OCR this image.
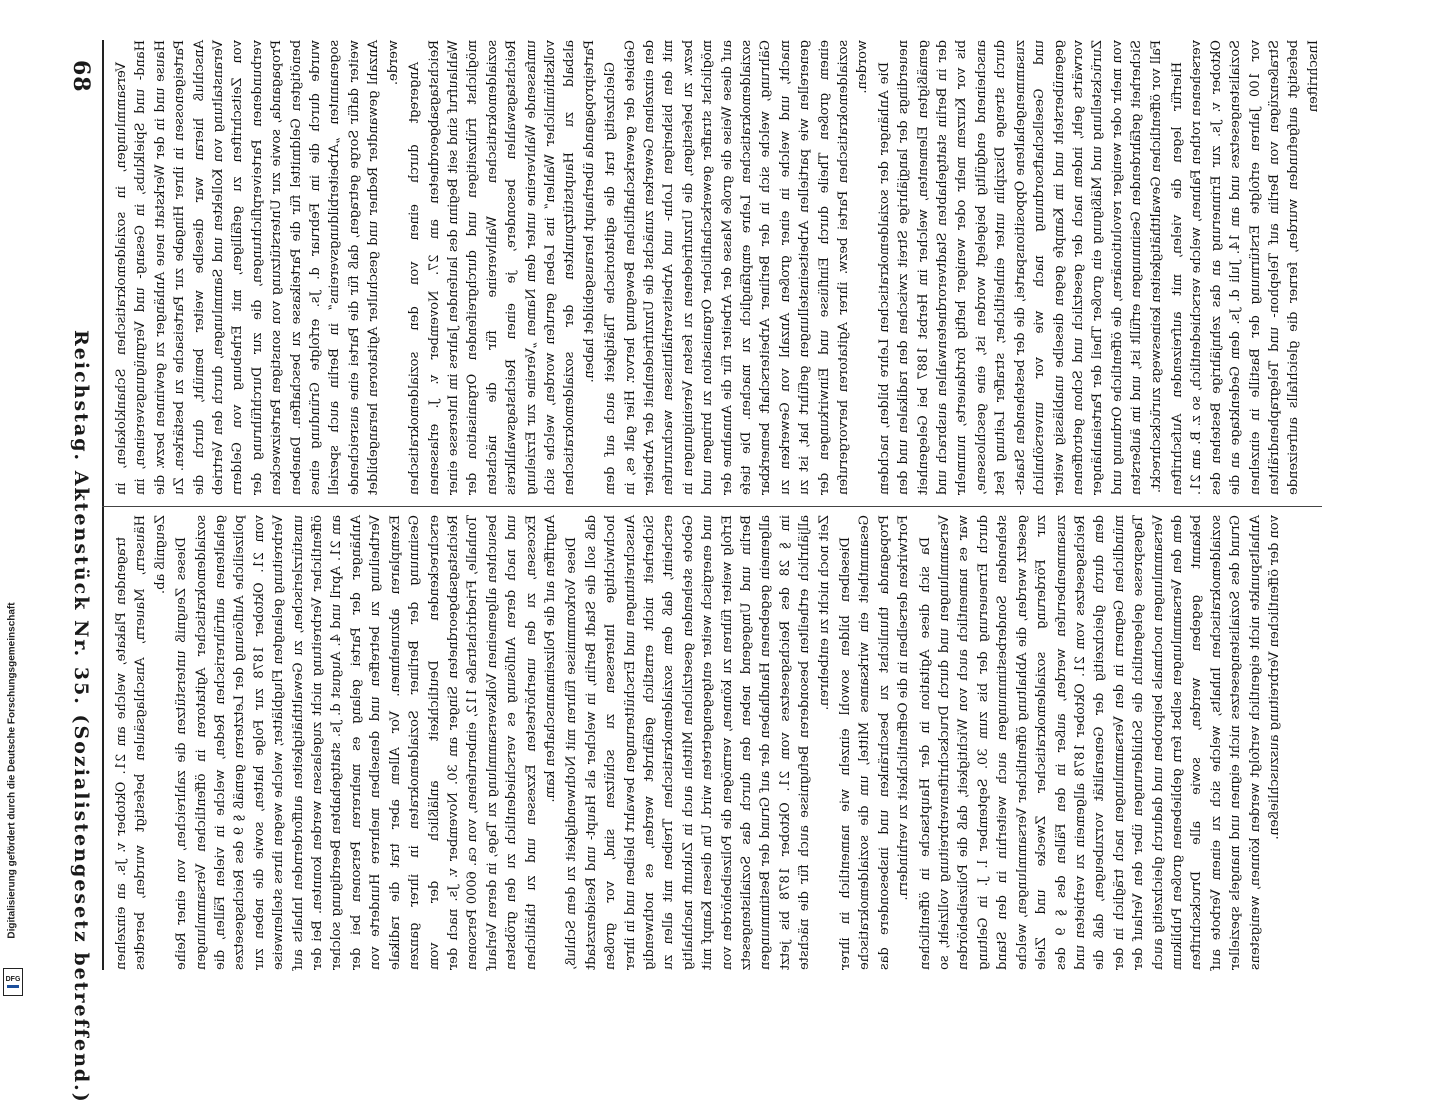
68
Reichstag. Aktenstück Nr. 35. (Sozialistengesetz betreffend.)

Versammlungen, in sozialdemokratischen Schanklokalen, in Hand- und Spielklubs, in Gesang- und Vergnügungsvereinen, im Hause und in der Werkstatt neue Anhänger zu gewinnen bezw. die Parteigenossen in ihrer Hingabe zur Parteisache zu bestärken. Zu Anschluß hieran war dieselbe weiter bemüht, durch die Veranstaltung von Kollekten und Sammlungen, durch den Vertrieb von Zeitschriften zu gefälligen, mit Erhebung von Geldern verbundenen Parteiverpflichtungen, die zur Durchführung der Propaganda, sowie zur Unterstützung von sonstigen Parteizwecken benötigten Geldmittel für die Parteikasse zu beschaffen. Daneben wurde durch die im Februar d. Js. erfolgte Gründung eines sogenannten „Arbeiterbildungsvereins“ in Berlin auch speziell weiter dafür Sorge getragen, daß für die Partei eine ausreichende Anzahl gewandter Redner und geschulter Agitatoren herangebildet werde. Angeregt durch einen von den sozialdemokratischen Reichstagsabgeordneten am 27. November v. J. erlassenen Wahlaufruf sind seit Beginn des laufenden Jahres im Interesse einer möglichst frühzeitigen und durchgreifenden Organisation der sozialdemokratischen Wahlvereine für die nächsten Reichstagswahlen besondere, je einen Reichstagswahlkreis umfassende Wahlvereine unter dem Namen „Vereine zur Erzielung volksthümlicher Wahlen“ ins Leben gerufen worden, welche sich alsbald zu Hauptstützpunkten der sozialdemokratischen Parteipropaganda überhaupt herausgebildet haben. Gleichzeitig trat die agitatorische Thätigkeit auch auf dem Gebiete der gewerkschaftlichen Bewegung hervor. Hier galt es, in den einzelnen Gewerken zunächst die Unzufriedenheit der Arbeiter mit den bisherigen Lohn- und Arbeitsverhältnissen wachzurufen bezw. zu befestigen, die Unzufriedenen zu festen Vereinigungen in möglichst straffer gewerkschaftlicher Organisation zu bringen und auf diese Weise die große Masse der Arbeiter für die Annahme der sozialdemokratischen Lehre empfänglich zu machen. Die tiefe Gährung, welche sich in der Berliner Arbeiterschaft bemerkbar macht, und welche in einer großen Anzahl von Gewerken zu generellen wie partiellen Arbeitseinstellungen geführt hat, ist zu einem großen Theile durch Einflüsse und Einwirkungen der sozialdemokratischen Partei bezw. ihrer Agitatoren hervorgerufen worden. Die Anhänger der sozialdemokratischen Lehre bilden, nachdem neuerdings der langjährige Streit zwischen den radikalen und den gemäßigten Elementen, welcher im Herbst 1887 bei Gelegenheit der in Berlin stattgehabten Stadtverordnetenwahlen ausbrach und bis vor Kurzem mehr oder weniger heftig fortdauerte, nunmehr anscheinend endgültig beigelegt worden ist, eine geschlossene, durch strenge Disziplin unter einheitlicher, straffer Leitung fest zusammengehaltene Oppositionspartei, die der bestehenden Staats- und Gesellschaftsordnung nach wie vor unversöhnlich gegenübersteht und im Kampfe gegen dieselbe unablässig weiter vorwärts geht, indem nach der gesetzlich und Schon getroffenen Zurückstellung und Mäßigung ein großer Theil der Parteianhänger von mehr oder weniger revolutionären, die öffentliche Ordnung und Sicherheit gefährdenden Gesinnungen erfüllt ist, und im äußersten Fall vor öffentlichen Gewaltthätigkeiten keineswegs zurückschreckt. Hierfür legen die vielen, mit aufreizenden Aufschriften versehenen rothen Fahnen, welche verschiedentlich, so z. B. am 21. Oktober v. Js. zur Erinnerung an das zehnjährige Bestehen des Sozialistengesetzes und am 14. Juli d. Js. dem Gedenktage an die vor 100 Jahren erfolgte Erstürmung der Bastille in einzelnen Straßenzügen von Berlin auf Telephon- und Telegraphendrähten befestigt aufgefunden wurden, ferner die gleichfalls aufreizende Inschriften

tragenden Plakate, welche am 21. Oktober v. Js. an einzelnen Häusern, Mauern, Anschlagsäulen befestigt wurden, beredtes Zeugniß ab. Dieses Zeugniß unterstützen die zahlreichen, von einer Reihe sozialdemokratischer Agitatoren in öffentlichen Versammlungen gehaltenen aufrührerischen Reden, welche in vielen Fällen, die polizeiliche Auflösung der Letzteren gemäß § 9 des Reichsgesetzes vom 21. Oktober 1878 zur Folge hatten, sowie die neben zur Verbreitung gelangten Flugblätter, welche wegen ihres stellenweise umstürzlerischen, zu Gewaltthätigkeiten auffordernden Inhalts auf öffentlicher Verbreitung nicht zugelassen werden konnten. Bei der am 21. April und 4. August d. Js. stattgehabten Beerdigung solcher Anhänger der Partei gelang es mehreren Personen bei der Vertheilung zu betreffen und denselben mehrere Hunderte von Exemplaren abzunehmen. Vor Allem aber trat die radikale Gesinnung der Berliner Sozialdemokraten in ihrer ganzen erschreckenden Deutlichkeit anläßlich der vom Reichstagsabgeordneten Singer am 30. November v. Js. nach der Tonhalle, Friedrichstraße 112, einberufenen, von ca. 6000 Personen besuchten allgemeinen Volksversammlung zu Tage, in deren Verlauf und nach deren Auflösung es verschiedentlich zu den gröbsten Excessen, zu den unerhörtesten Exzessen und zu thätlichen Angriffen auf die Polizeimannschaften kam. Diese Vorkommnisse führen mit Nothwendigkeit zu dem Schluß, daß soll die Stadt Berlin, in welcher als Haupt- und Residenzstadt hochwichtige Interessen zu schützen sind, vor großen Ausschreitungen und Erschütterungen bewahrt bleiben und in ihrer Sicherheit nicht ernstlich gefährdet werden, es nothwendig erscheint, daß dem sozialdemokratischen Treiben mit allen zu Gebote stehenden gesetzlichen Mitteln auch in Zukunft nachhaltig und energisch weiter entgegengetreten wird. Um diesen Kampf mit Erfolg weiter führen zu können, vermögen die Polizeibehörden von Berlin und Umgegend neben den durch das Sozialistengesetz allgemein gegebenen Handhaben der auf Grund der Bestimmungen im § 28 des Reichsgesetzes vom 21. Oktober 1878 bis jetzt alljährlich ertheilten besonderen Befugnisse auch für die nächste Zeit noch nicht zu entbehren. Dieselben bilden sowohl einzeln wie namentlich in ihrer Gesammtheit ein wirksames Mittel, um die sozialdemokratische Propaganda thunlichst zu beschränken und insbesondere das Fortwirken derselben in die Oeffentlichkeit zu verhindern. Da sich diese Agitation in der Hauptsache in öffentlichen Versammlungen und durch Druckschriftenverbreitung vollzieht, so war es namentlich auch von Wichtigkeit, daß die Polizeibehörden durch Erneuerung der bis zum 30. September l. J. in Geltung stehenden Sonderbestimmungen auch weiterhin in den Stand gesetzt werden, die Abhaltung öffentlicher Versammlungen, welche zur Förderung sozialdemokratischer Zwecke und Ziele zusammenberufen werden, außer in den Fällen des § 9 des Reichsgesetzes vom 21. Oktober 1878 allgemein zu verbieten und dem durch gleichzeitig der Generalität vorzubeugen, daß die mündlichen Gegnern in den Versammlungen nach träglich in der Tagespresse gelegentlich die Schilderungen über den Verlauf der Versammlungen nochmals beiproben und dadurch gleichzeitig auch dem den Versammlungen selbst fern gebliebenen großen Publikum bekannt gegeben werden, sowie alle Druckschriften sozialdemokratischen Inhalts, welche sich zu einem Verbote auf Grund des Sozialistengesetzes nicht eignen und mangels spezieller Anhaltspunkte nicht eigentlich verfolgt werden können, wenigstens von der öffentlichen Verbreitung auszuschließen.

Digitalisierung gefördert durch die Deutsche Forschungsgemeinschaft
DFG
